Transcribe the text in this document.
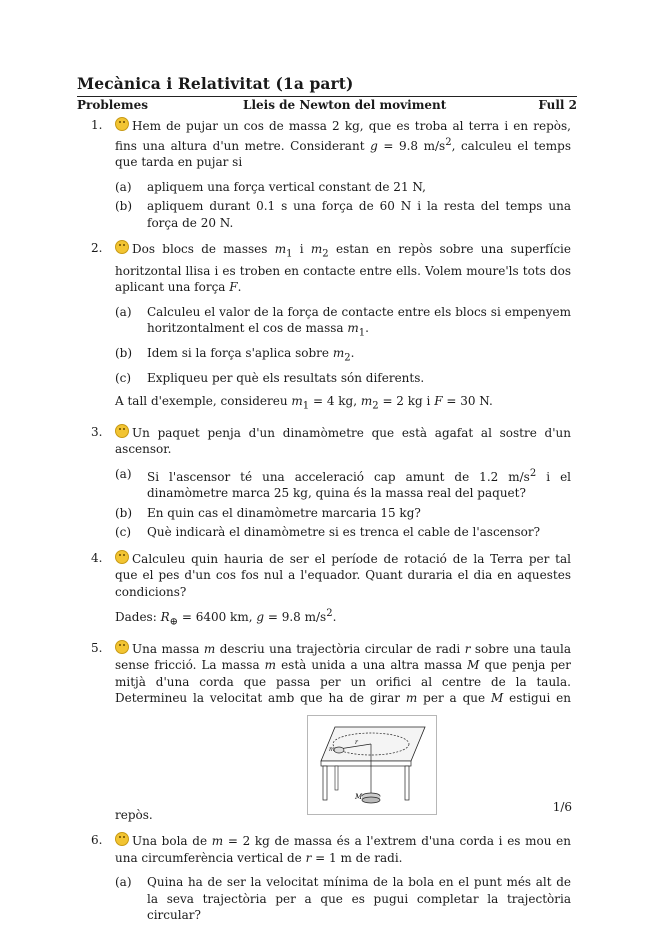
Mecànica i Relativitat (1a part)
Problemes	Lleis de Newton del moviment	Full 2
1. Hem de pujar un cos de massa 2 kg, que es troba al terra i en repòs, fins una altura d'un metre. Considerant g = 9.8 $m/s^2$, calculeu el temps que tarda en pujar si
(a) apliquem una força vertical constant de 21 N,
(b) apliquem durant 0.1 s una força de 60 N i la resta del temps una força de 20 N.
2. Dos blocs de masses $m_1$ i $m_2$ estan en repòs sobre una superfície horitzontal llisa i es troben en contacte entre ells. Volem moure'ls tots dos aplicant una força F.
(a) Calculeu el valor de la força de contacte entre els blocs si empenyem horitzontalment el cos de massa $m_1$.
(b) Idem si la força s'aplica sobre $m_2$.
(c) Expliqueu per què els resultats són diferents.
A tall d'exemple, considereu $m_1 = 4$ kg, $m_2 = 2$ kg i F = 30 N.
3. Un paquet penja d'un dinamòmetre que està agafat al sostre d'un ascensor.
(a) Si l'ascensor té una acceleració cap amunt de 1.2 $m/s^2$ i el dinamòmetre marca 25 kg, quina és la massa real del paquet?
(b) En quin cas el dinamòmetre marcaria 15 kg?
(c) Què indicarà el dinamòmetre si es trenca el cable de l'ascensor?
4. Calculeu quin hauria de ser el període de rotació de la Terra per tal que el pes d'un cos fos nul a l'equador. Quant duraria el dia en aquestes condicions?
Dades: $R_\oplus = 6400$ km, g = 9.8 $m/s^2$.
5. Una massa m descriu una trajectòria circular de radi r sobre una taula sense fricció. La massa m està unida a una altra massa M que penja per mitjà d'una corda que passa per un orifici al centre de la taula. Determineu la velocitat amb que ha de girar m per a que M estigui en repòs.
m
r
M
6. Una bola de m = 2 kg de massa és a l'extrem d'una corda i es mou en una circumferència vertical de r = 1 m de radi.
(a) Quina ha de ser la velocitat mínima de la bola en el punt més alt de la seva trajectòria per a que es pugui completar la trajectòria circular?
1/6
